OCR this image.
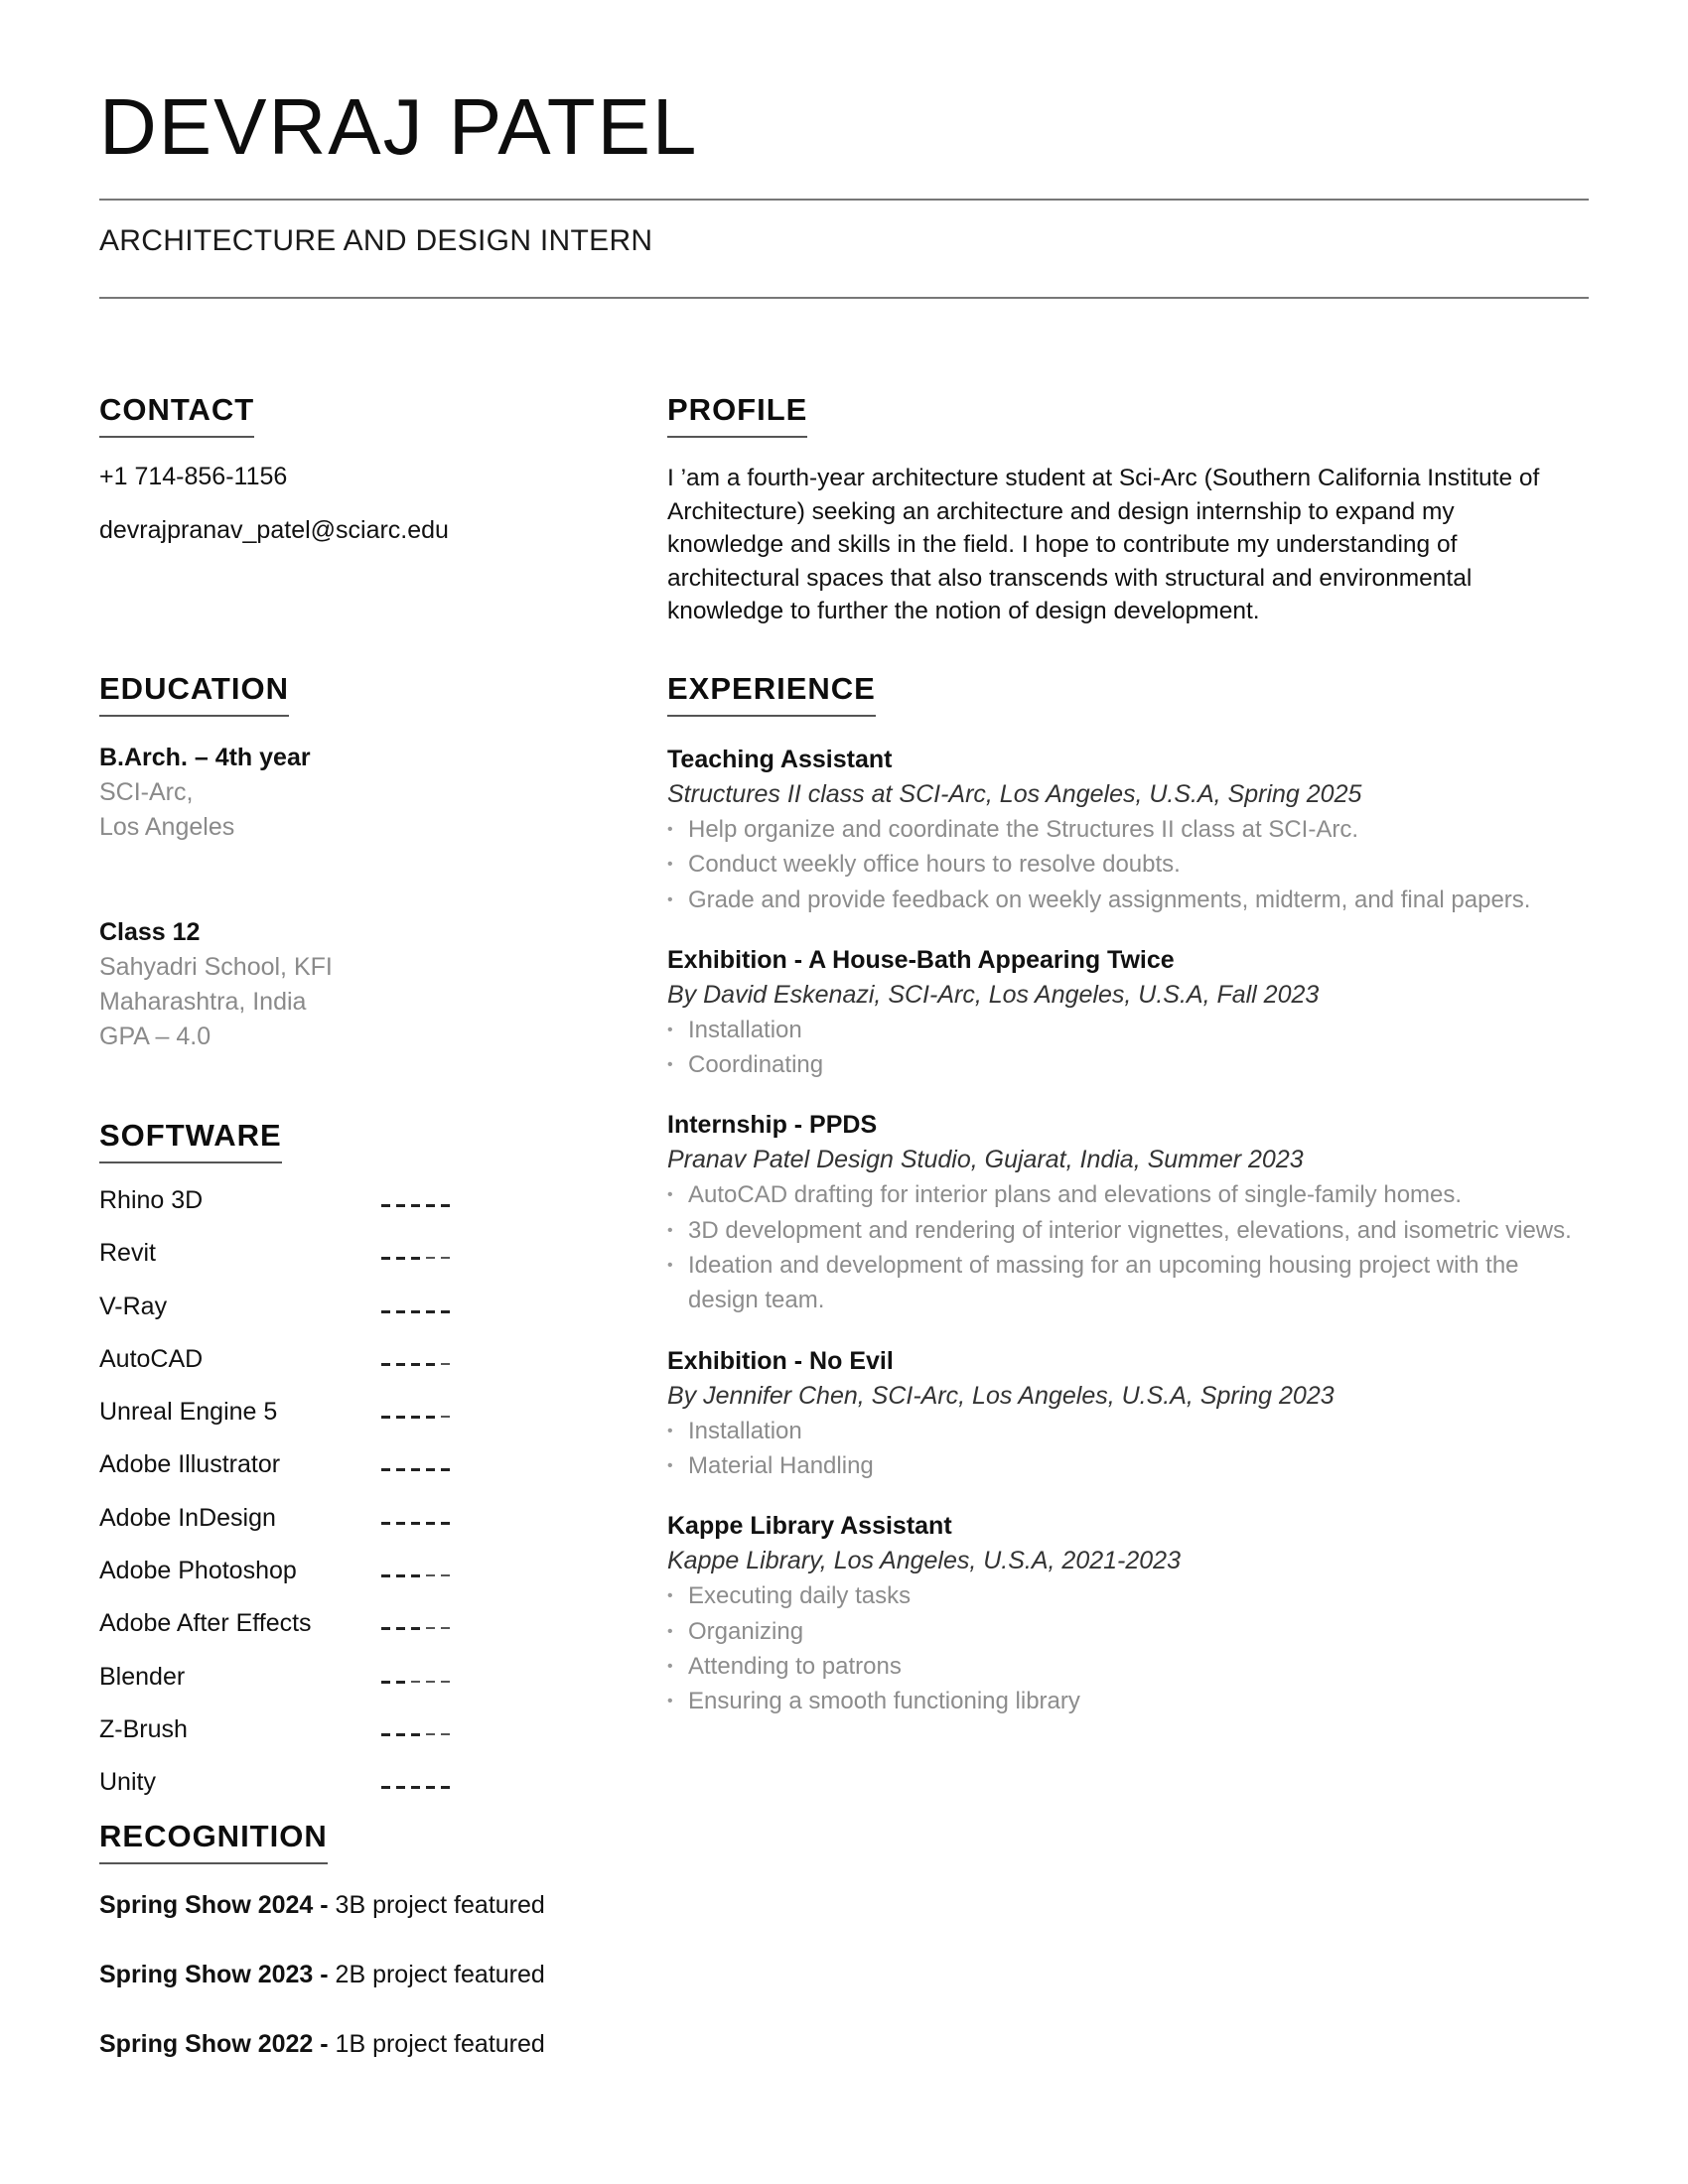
DEVRAJ PATEL
ARCHITECTURE AND DESIGN INTERN
CONTACT
+1 714-856-1156
devrajpranav_patel@sciarc.edu
PROFILE
I ’am a fourth-year architecture student at Sci-Arc (Southern California Institute of Architecture) seeking an architecture and design internship to expand my knowledge and skills in the field. I hope to contribute my understanding of architectural spaces that also transcends with structural and environmental knowledge to further the notion of design development.
EDUCATION
B.Arch. – 4th year
SCI-Arc,
Los Angeles
Class 12
Sahyadri School, KFI
Maharashtra, India
GPA – 4.0
SOFTWARE
Rhino 3D
Revit
V-Ray
AutoCAD
Unreal Engine 5
Adobe Illustrator
Adobe InDesign
Adobe Photoshop
Adobe After Effects
Blender
Z-Brush
Unity
RECOGNITION
Spring Show 2024 - 3B project featured
Spring Show 2023 - 2B project featured
Spring Show 2022 - 1B project featured
EXPERIENCE
Teaching Assistant
Structures II class at SCI-Arc, Los Angeles, U.S.A, Spring 2025
• Help organize and coordinate the Structures II class at SCI-Arc.
• Conduct weekly office hours to resolve doubts.
• Grade and provide feedback on weekly assignments, midterm, and final papers.
Exhibition - A House-Bath Appearing Twice
By David Eskenazi, SCI-Arc, Los Angeles, U.S.A, Fall 2023
• Installation
• Coordinating
Internship - PPDS
Pranav Patel Design Studio, Gujarat, India, Summer 2023
• AutoCAD drafting for interior plans and elevations of single-family homes.
• 3D development and rendering of interior vignettes, elevations, and isometric views.
• Ideation and development of massing for an upcoming housing project with the design team.
Exhibition - No Evil
By Jennifer Chen, SCI-Arc, Los Angeles, U.S.A, Spring 2023
• Installation
• Material Handling
Kappe Library Assistant
Kappe Library, Los Angeles, U.S.A, 2021-2023
• Executing daily tasks
• Organizing
• Attending to patrons
• Ensuring a smooth functioning library
